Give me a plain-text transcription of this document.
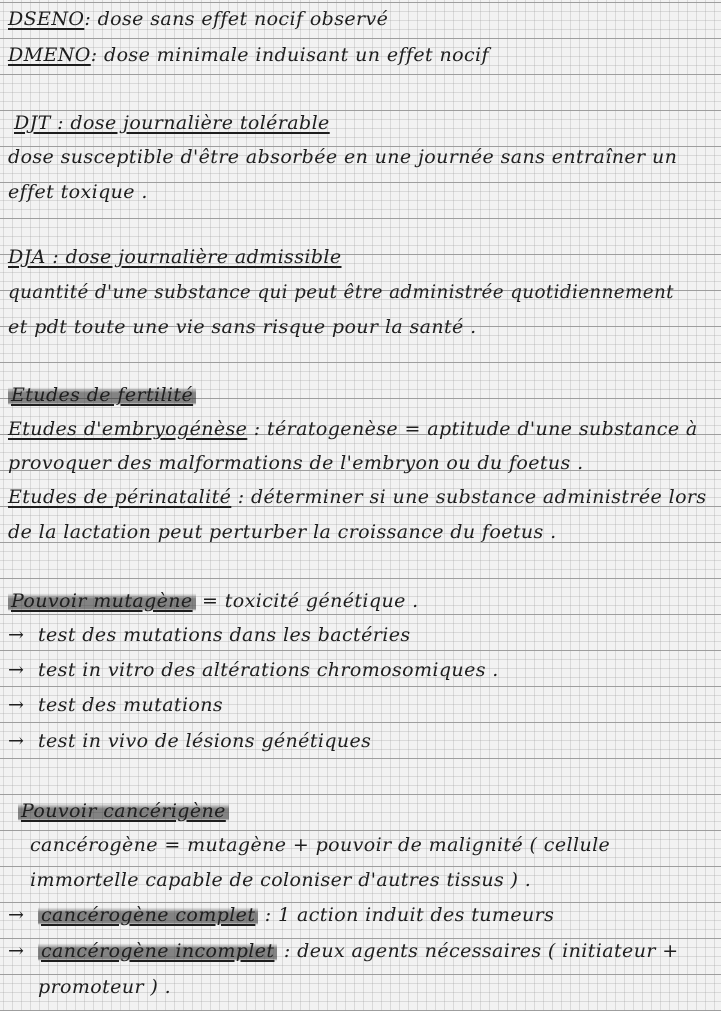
DSENO: dose sans effet nocif observé
DMENO: dose minimale induisant un effet nocif
DJT : dose journalière tolérable
dose susceptible d'être absorbée en une journée sans entraîner un
effet toxique .
DJA : dose journalière admissible
quantité d'une substance qui peut être administrée quotidiennement
et pdt toute une vie sans risque pour la santé .
Etudes de fertilité
Etudes d'embryogénèse : tératogenèse = aptitude d'une substance à
provoquer des malformations de l'embryon ou du foetus .
Etudes de périnatalité : déterminer si une substance administrée lors
de la lactation peut perturber la croissance du foetus .
Pouvoir mutagène = toxicité génétique .
→ test des mutations dans les bactéries
→ test in vitro des altérations chromosomiques .
→ test des mutations
→ test in vivo de lésions génétiques
Pouvoir cancérigène
cancérogène = mutagène + pouvoir de malignité ( cellule
immortelle capable de coloniser d'autres tissus ) .
→ cancérogène complet : 1 action induit des tumeurs
→ cancérogène incomplet : deux agents nécessaires ( initiateur +
promoteur ) .
